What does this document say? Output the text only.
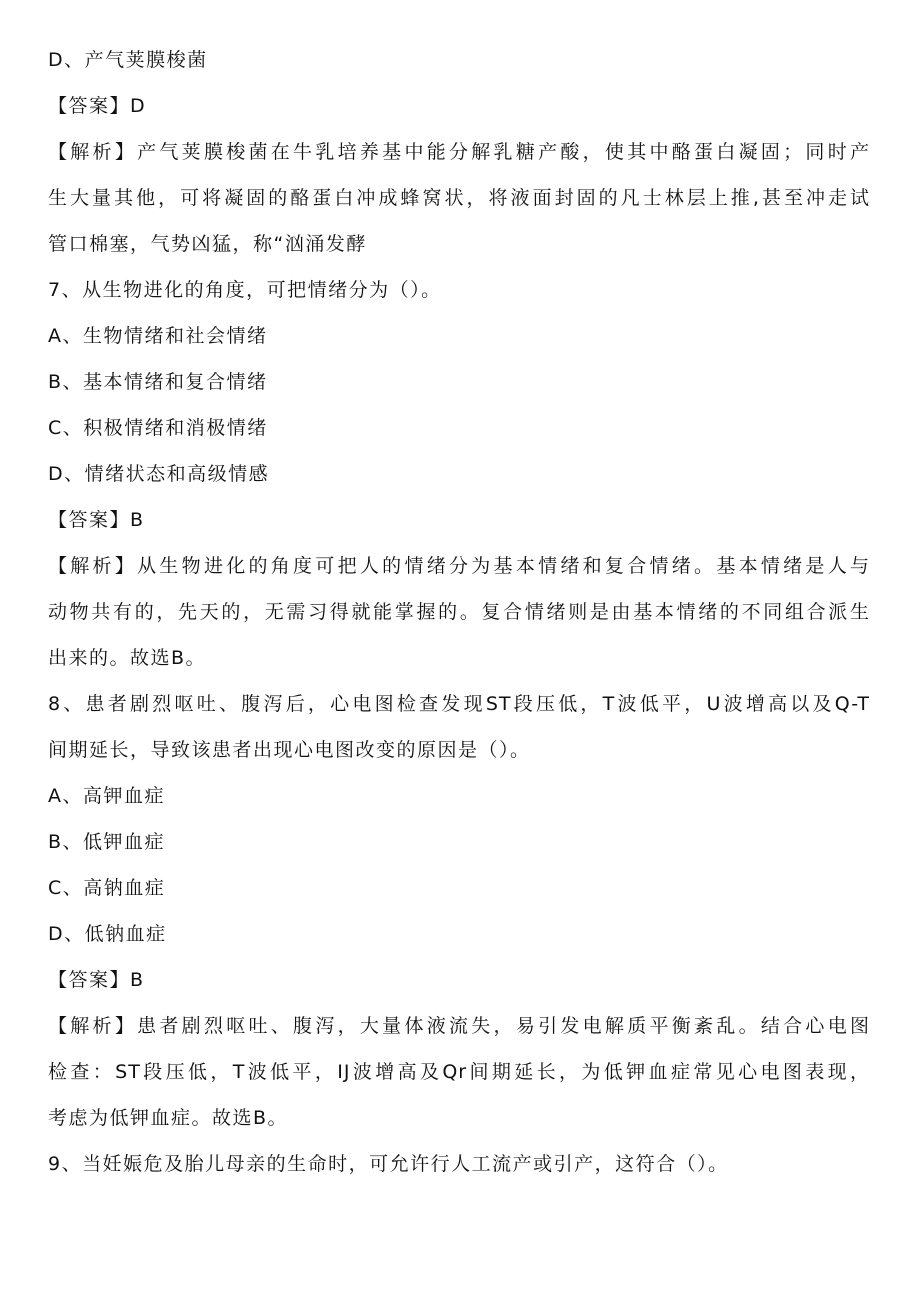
D、产气荚膜梭菌
【答案】D
【解析】产气荚膜梭菌在牛乳培养基中能分解乳糖产酸，使其中酪蛋白凝固；同时产
生大量其他，可将凝固的酪蛋白冲成蜂窝状，将液面封固的凡士林层上推,甚至冲走试
管口棉塞，气势凶猛，称“汹涌发酵
7、从生物进化的角度，可把情绪分为（）。
A、生物情绪和社会情绪
B、基本情绪和复合情绪
C、积极情绪和消极情绪
D、情绪状态和高级情感
【答案】B
【解析】从生物进化的角度可把人的情绪分为基本情绪和复合情绪。基本情绪是人与
动物共有的，先天的，无需习得就能掌握的。复合情绪则是由基本情绪的不同组合派生
出来的。故选B。
8、患者剧烈呕吐、腹泻后，心电图检查发现ST段压低，T波低平，U波增高以及Q-T
间期延长，导致该患者出现心电图改变的原因是（）。
A、高钾血症
B、低钾血症
C、高钠血症
D、低钠血症
【答案】B
【解析】患者剧烈呕吐、腹泻，大量体液流失，易引发电解质平衡紊乱。结合心电图
检查：ST段压低，T波低平，IJ波增高及Qr间期延长，为低钾血症常见心电图表现，
考虑为低钾血症。故选B。
9、当妊娠危及胎儿母亲的生命时，可允许行人工流产或引产，这符合（）。
